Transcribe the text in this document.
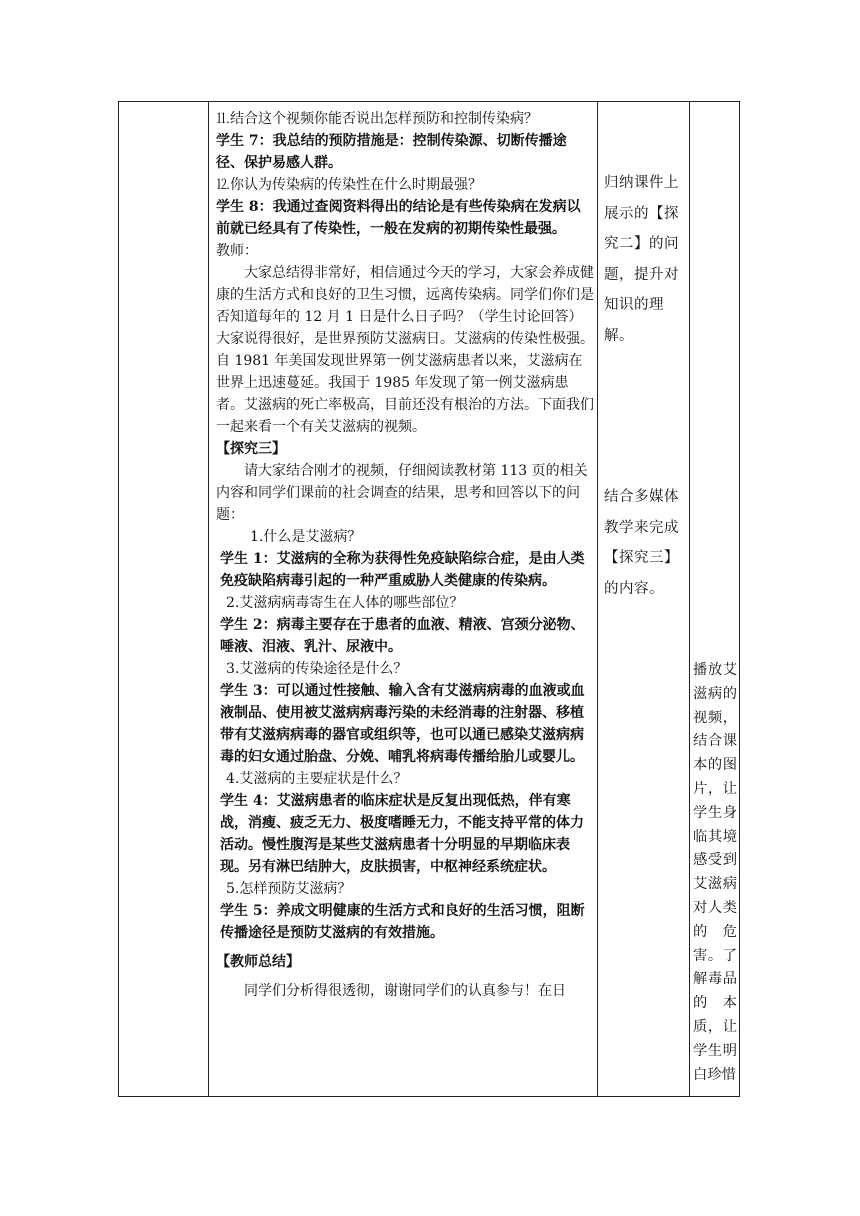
⒒结合这个视频你能否说出怎样预防和控制传染病？

学生 7：我总结的预防措施是：控制传染源、切断传播途径、保护易感人群。

⒓你认为传染病的传染性在什么时期最强？

学生 8：我通过查阅资料得出的结论是有些传染病在发病以前就已经具有了传染性，一般在发病的初期传染性最强。

教师：

大家总结得非常好，相信通过今天的学习，大家会养成健康的生活方式和良好的卫生习惯，远离传染病。同学们你们是否知道每年的 12 月 1 日是什么日子吗？（学生讨论回答）大家说得很好，是世界预防艾滋病日。艾滋病的传染性极强。自 1981 年美国发现世界第一例艾滋病患者以来，艾滋病在世界上迅速蔓延。我国于 1985 年发现了第一例艾滋病患者。艾滋病的死亡率极高，目前还没有根治的方法。下面我们一起来看一个有关艾滋病的视频。

【探究三】

请大家结合刚才的视频，仔细阅读教材第 113 页的相关内容和同学们课前的社会调查的结果，思考和回答以下的问题：

1.什么是艾滋病？

学生 1：艾滋病的全称为获得性免疫缺陷综合症，是由人类免疫缺陷病毒引起的一种严重威胁人类健康的传染病。

2.艾滋病病毒寄生在人体的哪些部位？

学生 2：病毒主要存在于患者的血液、精液、宫颈分泌物、唾液、泪液、乳汁、尿液中。

3.艾滋病的传染途径是什么？

学生 3：可以通过性接触、输入含有艾滋病病毒的血液或血液制品、使用被艾滋病病毒污染的未经消毒的注射器、移植带有艾滋病病毒的器官或组织等，也可以通已感染艾滋病病毒的妇女通过胎盘、分娩、哺乳将病毒传播给胎儿或婴儿。

4.艾滋病的主要症状是什么？

学生 4：艾滋病患者的临床症状是反复出现低热，伴有寒战，消瘦、疲乏无力、极度嗜睡无力，不能支持平常的体力活动。慢性腹泻是某些艾滋病患者十分明显的早期临床表现。另有淋巴结肿大，皮肤损害，中枢神经系统症状。

5.怎样预防艾滋病？

学生 5：养成文明健康的生活方式和良好的生活习惯，阻断传播途径是预防艾滋病的有效措施。

【教师总结】

同学们分析得很透彻，谢谢同学们的认真参与！在日

归纳课件上展示的【探究二】的问题，提升对知识的理解。

结合多媒体教学来完成【探究三】的内容。

播放艾滋病的视频，结合课本的图片，让学生身临其境感受到艾滋病对人类的危害。了解毒品的本质，让学生明白珍惜
